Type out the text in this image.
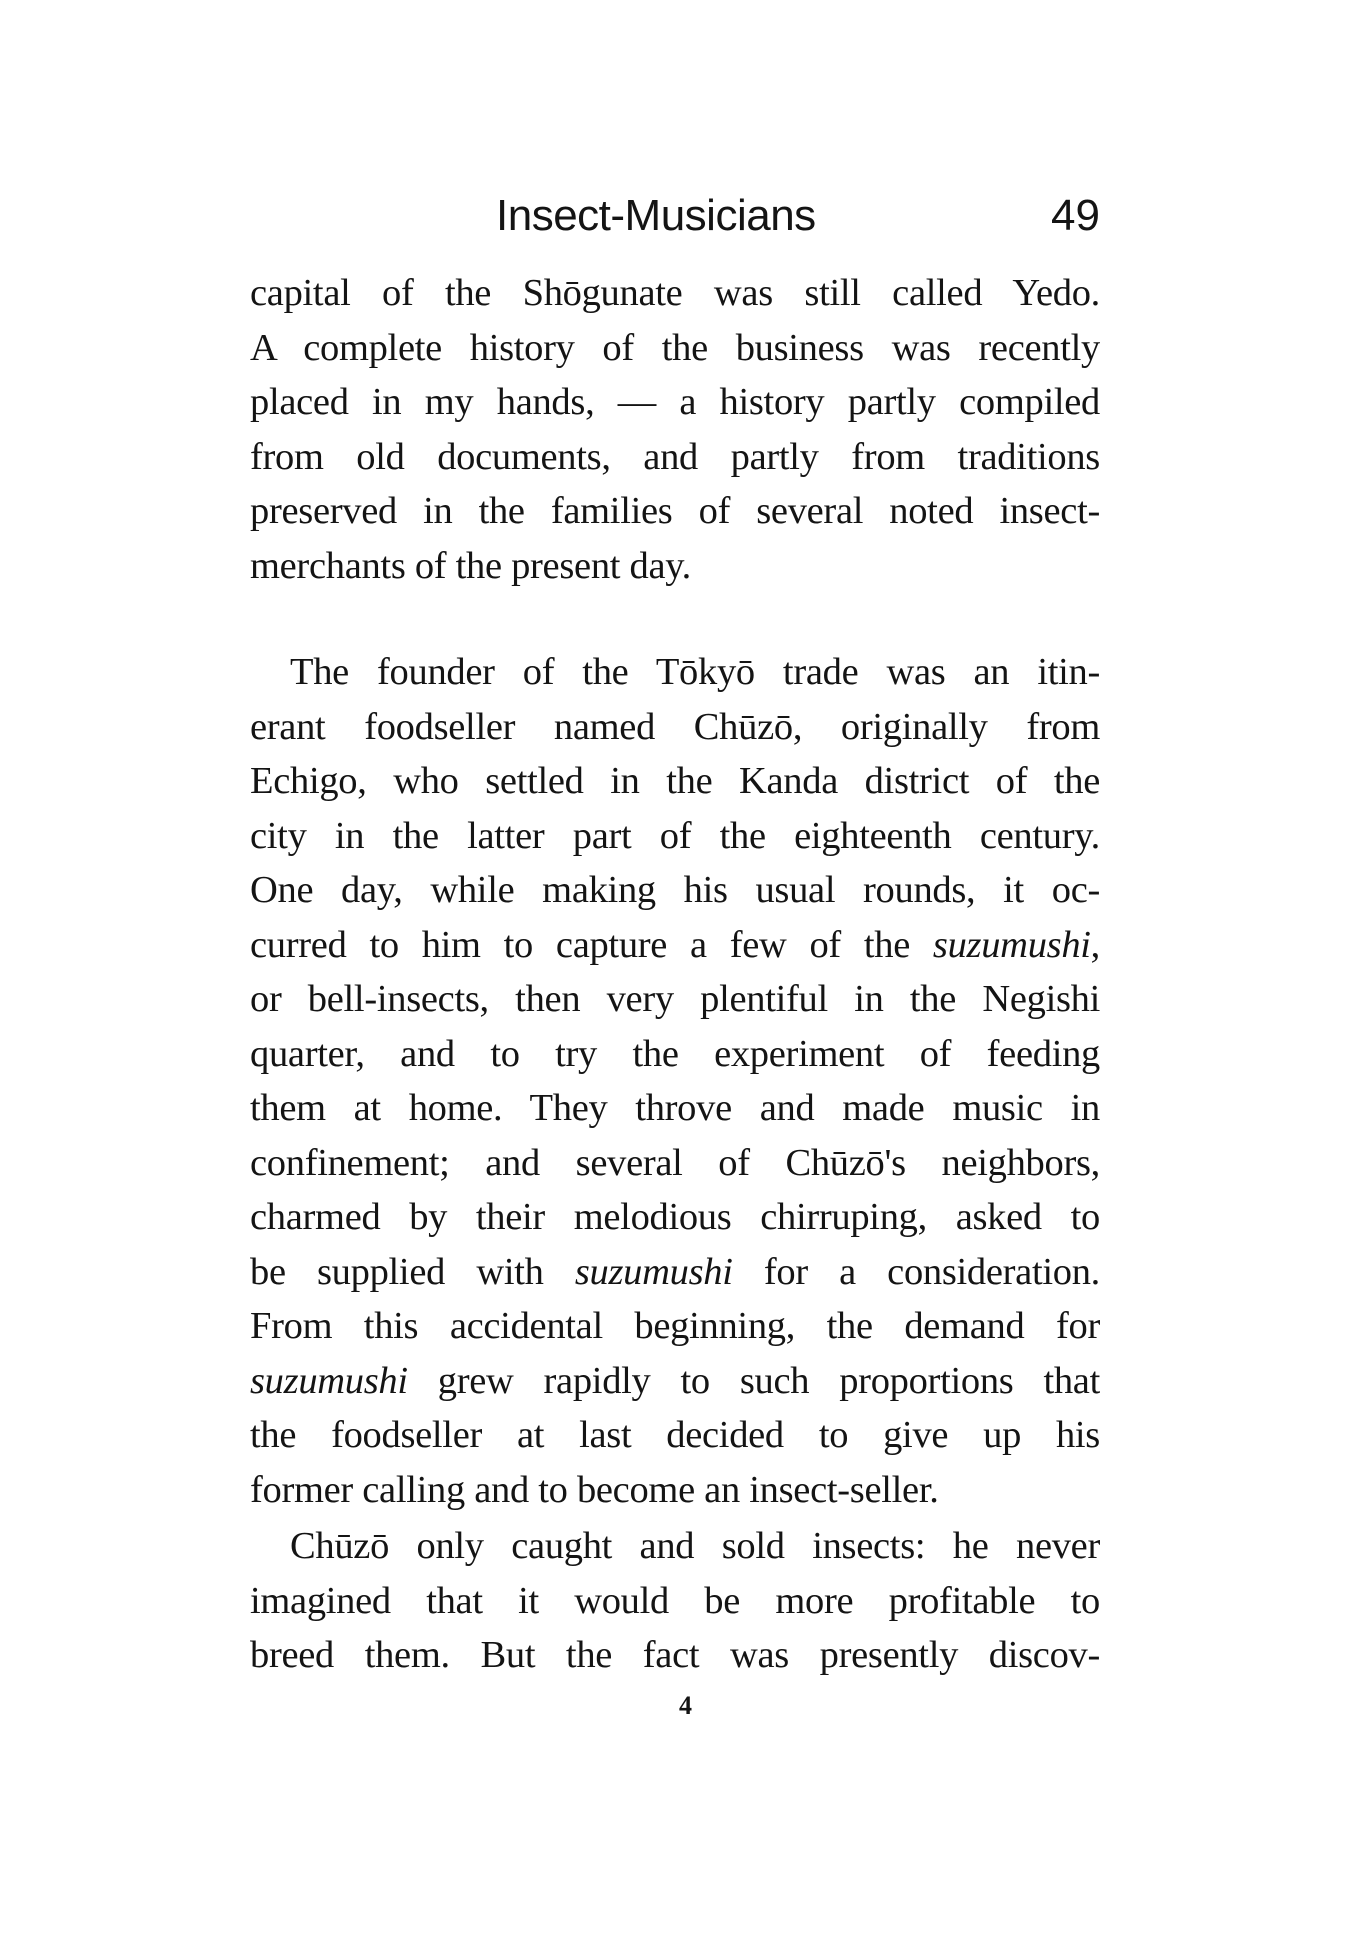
Insect-Musicians	49
capital of the Shōgunate was still called Yedo.
A complete history of the business was recently
placed in my hands, — a history partly compiled
from old documents, and partly from traditions
preserved in the families of several noted insect-
merchants of the present day.
The founder of the Tōkyō trade was an itin-
erant foodseller named Chūzō, originally from
Echigo, who settled in the Kanda district of the
city in the latter part of the eighteenth century.
One day, while making his usual rounds, it oc-
curred to him to capture a few of the suzumushi,
or bell-insects, then very plentiful in the Negishi
quarter, and to try the experiment of feeding
them at home. They throve and made music in
confinement; and several of Chūzō's neighbors,
charmed by their melodious chirruping, asked to
be supplied with suzumushi for a consideration.
From this accidental beginning, the demand for
suzumushi grew rapidly to such proportions that
the foodseller at last decided to give up his
former calling and to become an insect-seller.
Chūzō only caught and sold insects: he never
imagined that it would be more profitable to
breed them. But the fact was presently discov-
4
